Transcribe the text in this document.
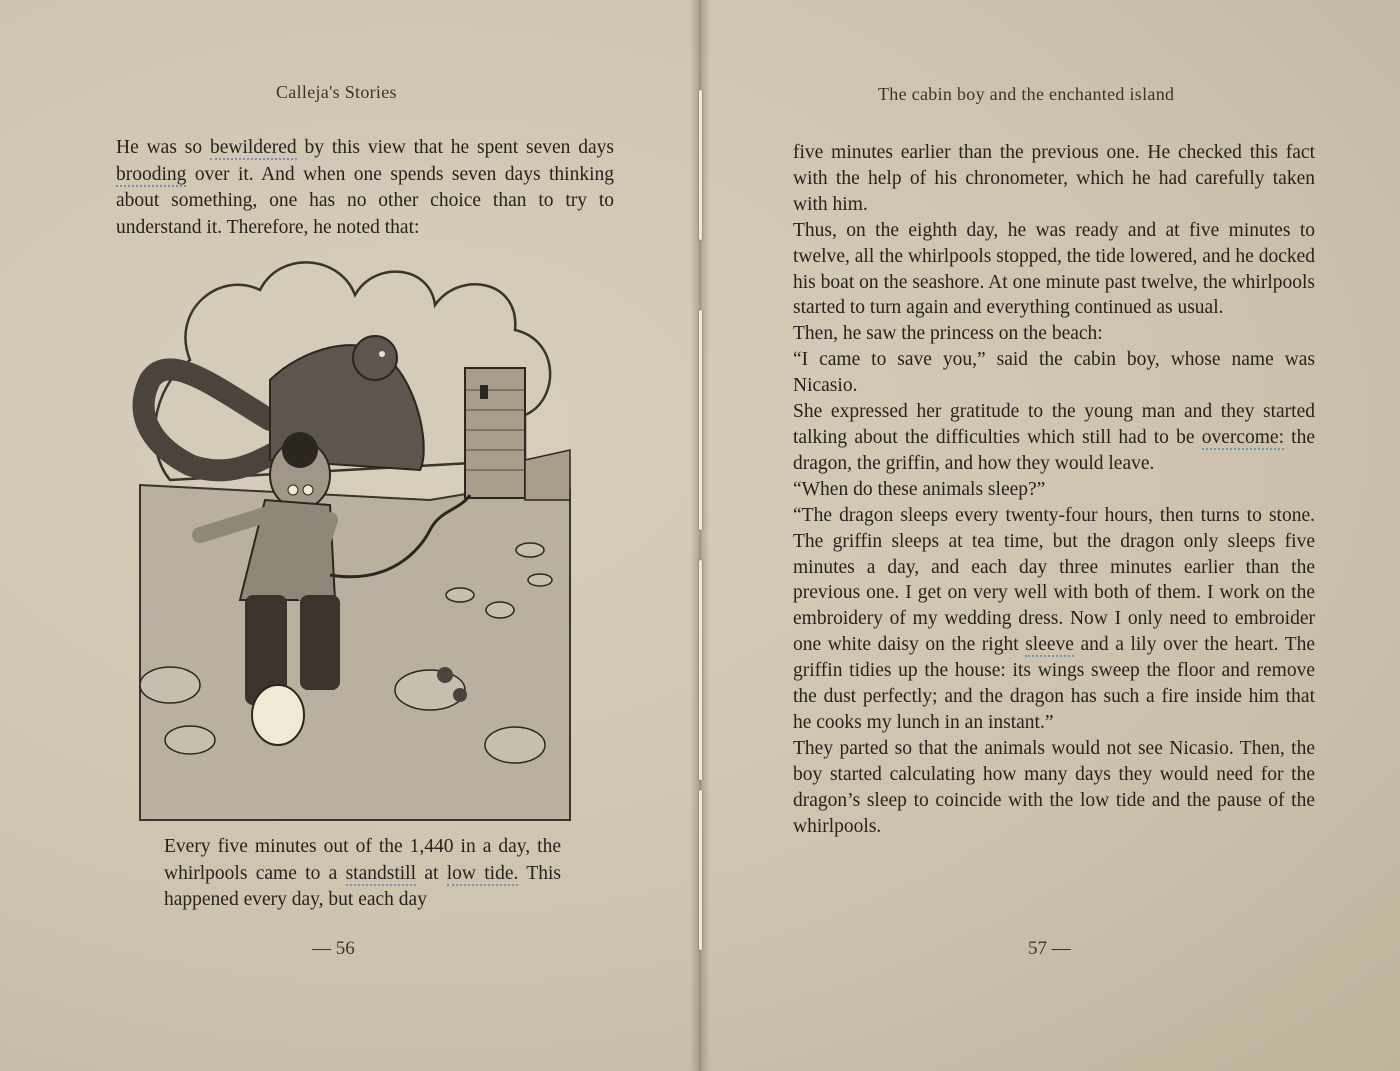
Calleja's Stories

He was so bewildered by this view that he spent seven days brooding over it. And when one spends seven days thinking about something, one has no other choice than to try to understand it. Therefore, he noted that:

Every five minutes out of the 1,440 in a day, the whirlpools came to a standstill at low tide. This happened every day, but each day

— 56
The cabin boy and the enchanted island

five minutes earlier than the previous one. He checked this fact with the help of his chronometer, which he had carefully taken with him.

Thus, on the eighth day, he was ready and at five minutes to twelve, all the whirlpools stopped, the tide lowered, and he docked his boat on the seashore. At one minute past twelve, the whirlpools started to turn again and everything continued as usual.

Then, he saw the princess on the beach:

“I came to save you,” said the cabin boy, whose name was Nicasio.

She expressed her gratitude to the young man and they started talking about the difficulties which still had to be overcome: the dragon, the griffin, and how they would leave.

“When do these animals sleep?”

“The dragon sleeps every twenty-four hours, then turns to stone. The griffin sleeps at tea time, but the dragon only sleeps five minutes a day, and each day three minutes earlier than the previous one. I get on very well with both of them. I work on the embroidery of my wedding dress. Now I only need to embroider one white daisy on the right sleeve and a lily over the heart. The griffin tidies up the house: its wings sweep the floor and remove the dust perfectly; and the dragon has such a fire inside him that he cooks my lunch in an instant.”

They parted so that the animals would not see Nicasio. Then, the boy started calculating how many days they would need for the dragon’s sleep to coincide with the low tide and the pause of the whirlpools.

57 —
